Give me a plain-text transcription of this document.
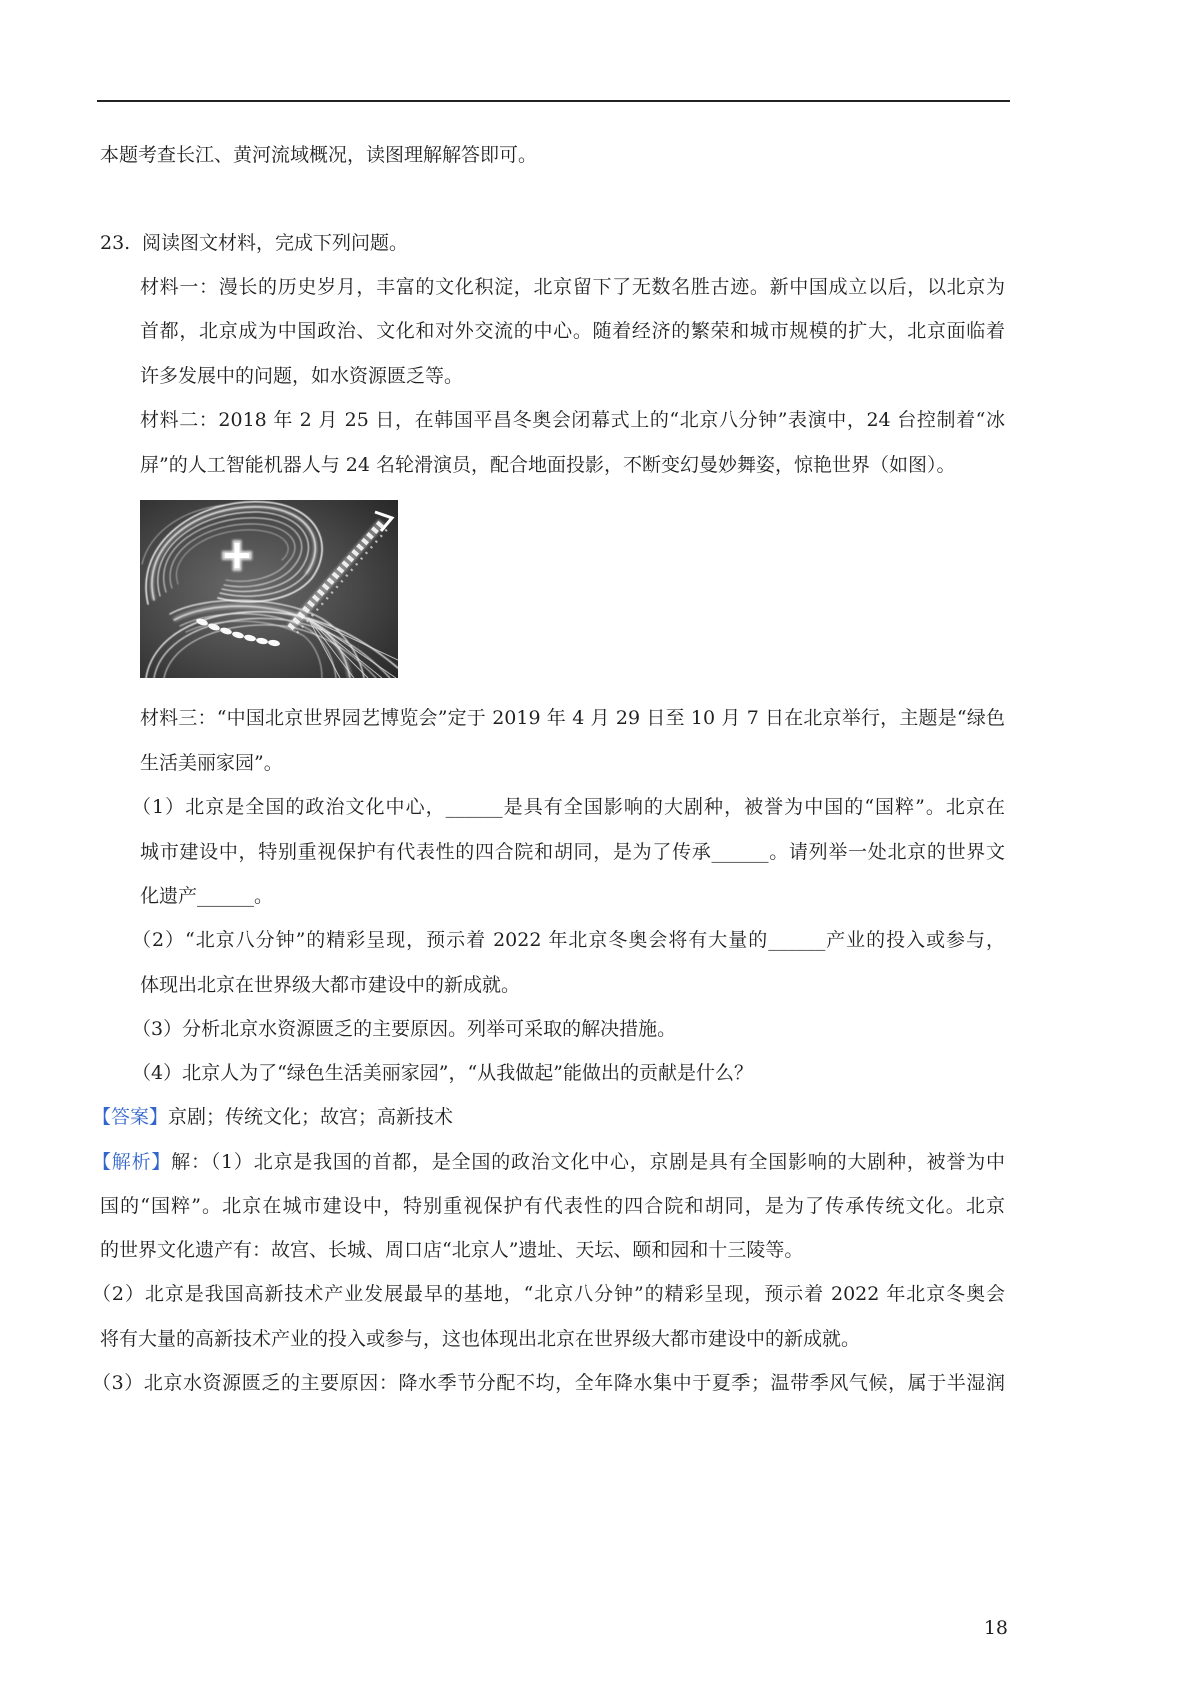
本题考查长江、黄河流域概况，读图理解解答即可。
23. 阅读图文材料，完成下列问题。
材料一：漫长的历史岁月，丰富的文化积淀，北京留下了无数名胜古迹。新中国成立以后，以北京为
首都，北京成为中国政治、文化和对外交流的中心。随着经济的繁荣和城市规模的扩大，北京面临着
许多发展中的问题，如水资源匮乏等。
材料二：2018 年 2 月 25 日，在韩国平昌冬奥会闭幕式上的“北京八分钟”表演中，24 台控制着“冰
屏”的人工智能机器人与 24 名轮滑演员，配合地面投影，不断变幻曼妙舞姿，惊艳世界（如图）。
材料三：“中国北京世界园艺博览会”定于 2019 年 4 月 29 日至 10 月 7 日在北京举行，主题是“绿色
生活美丽家园”。
（1）北京是全国的政治文化中心，______是具有全国影响的大剧种，被誉为中国的“国粹”。北京在
城市建设中，特别重视保护有代表性的四合院和胡同，是为了传承______。请列举一处北京的世界文
化遗产______。
（2）“北京八分钟”的精彩呈现，预示着 2022 年北京冬奥会将有大量的______产业的投入或参与，
体现出北京在世界级大都市建设中的新成就。
（3）分析北京水资源匮乏的主要原因。列举可采取的解决措施。
（4）北京人为了“绿色生活美丽家园”，“从我做起”能做出的贡献是什么？
【答案】京剧；传统文化；故宫；高新技术
【解析】解：（1）北京是我国的首都，是全国的政治文化中心，京剧是具有全国影响的大剧种，被誉为中
国的“国粹”。北京在城市建设中，特别重视保护有代表性的四合院和胡同，是为了传承传统文化。北京
的世界文化遗产有：故宫、长城、周口店“北京人”遗址、天坛、颐和园和十三陵等。
（2）北京是我国高新技术产业发展最早的基地，“北京八分钟”的精彩呈现，预示着 2022 年北京冬奥会
将有大量的高新技术产业的投入或参与，这也体现出北京在世界级大都市建设中的新成就。
（3）北京水资源匮乏的主要原因：降水季节分配不均，全年降水集中于夏季；温带季风气候，属于半湿润
18
